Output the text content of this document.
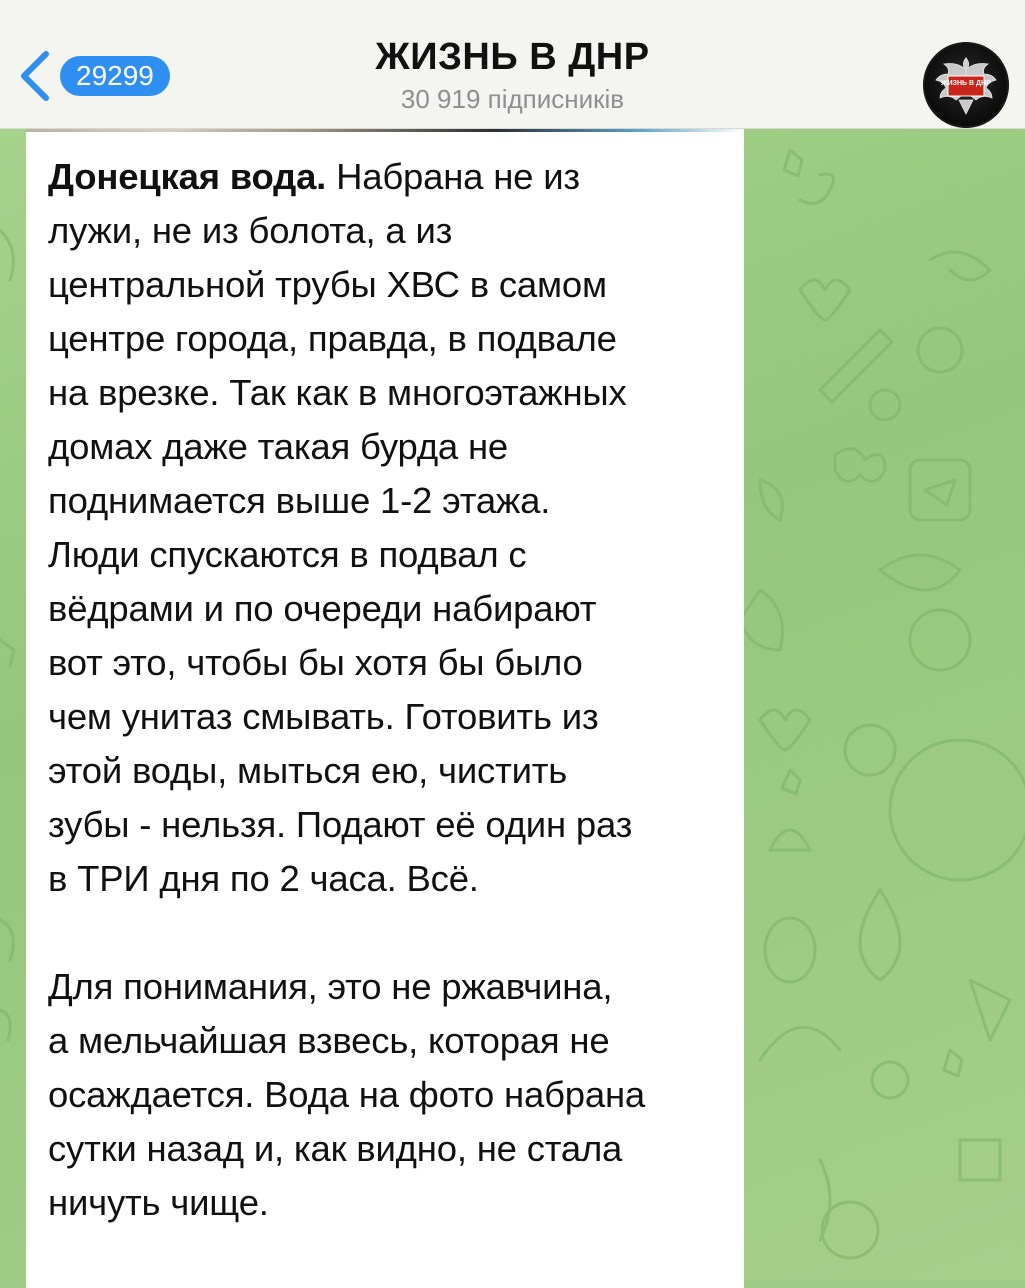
29299	ЖИЗНЬ В ДНР
30 919 підписників
ЖИЗНЬ В ДНР
Донецкая вода. Набрана не из
лужи, не из болота, а из
центральной трубы ХВС в самом
центре города, правда, в подвале
на врезке. Так как в многоэтажных
домах даже такая бурда не
поднимается выше 1-2 этажа.
Люди спускаются в подвал с
вёдрами и по очереди набирают
вот это, чтобы бы хотя бы было
чем унитаз смывать. Готовить из
этой воды, мыться ею, чистить
зубы - нельзя. Подают её один раз
в ТРИ дня по 2 часа. Всё.

Для понимания, это не ржавчина,
а мельчайшая взвесь, которая не
осаждается. Вода на фото набрана
сутки назад и, как видно, не стала
ничуть чище.
